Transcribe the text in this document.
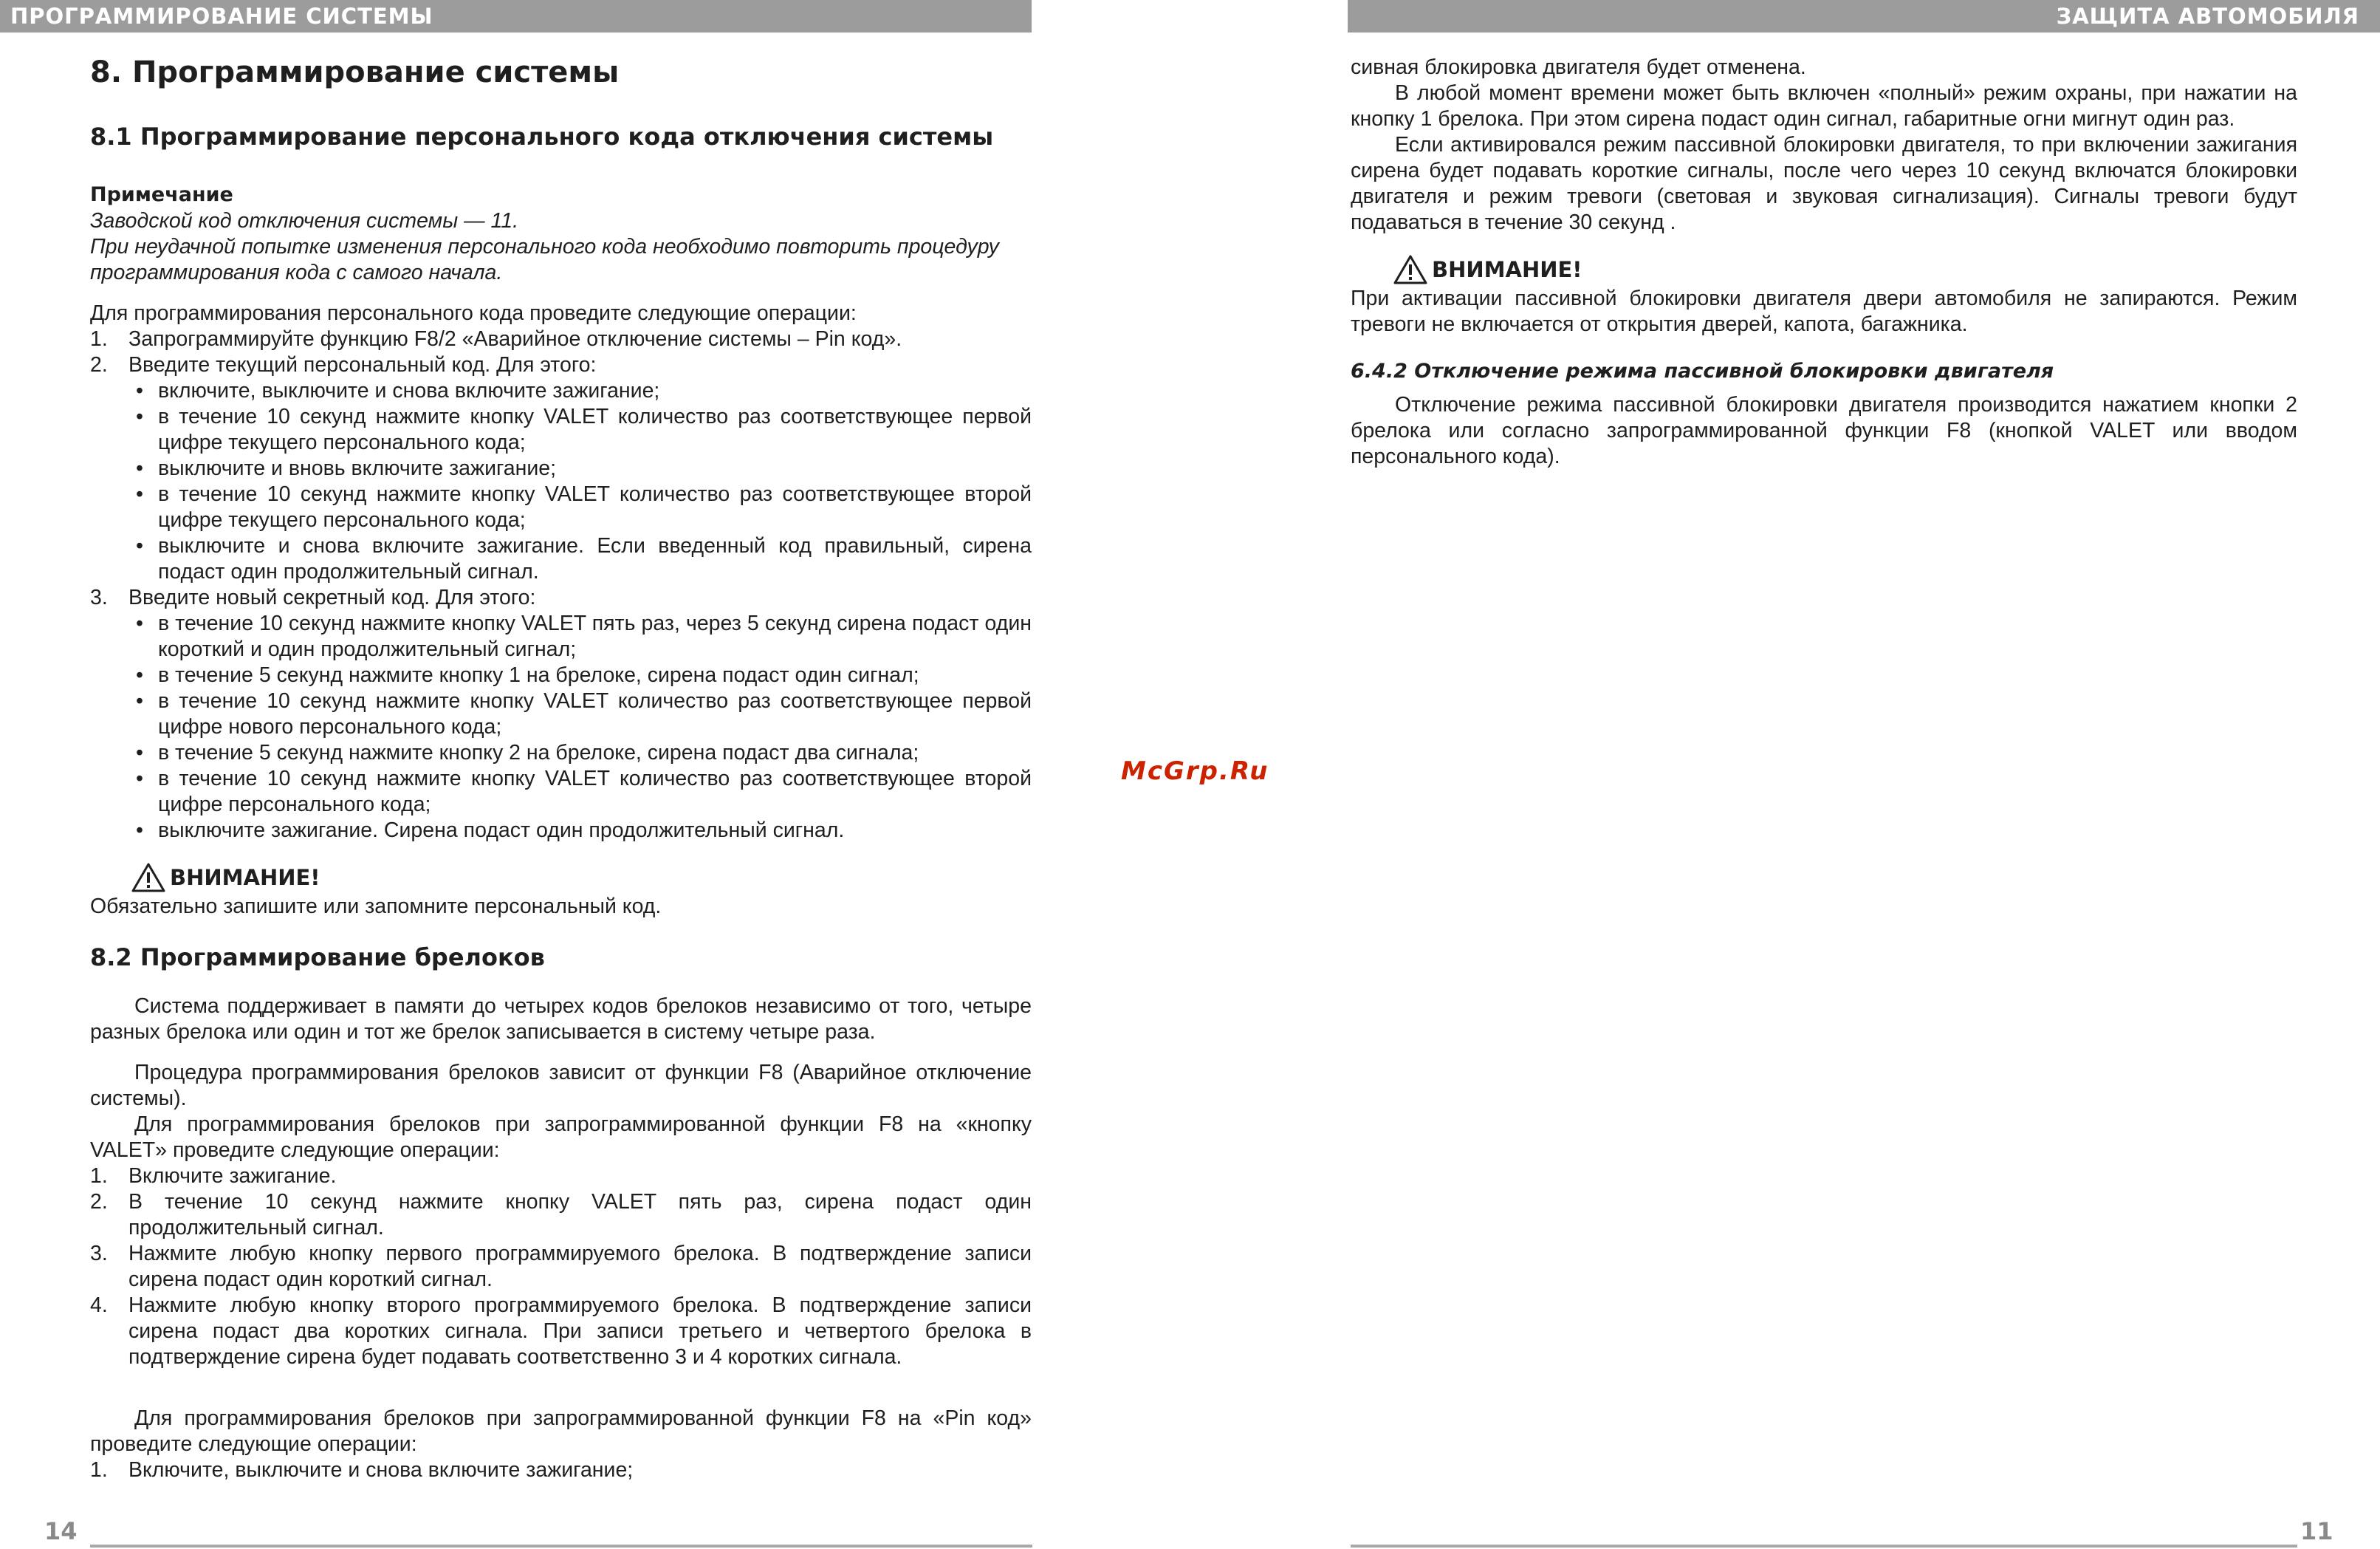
ПРОГРАММИРОВАНИЕ СИСТЕМЫ
8. Программирование системы
8.1 Программирование персонального кода отключения системы
Примечание

Заводской код отключения системы — 11.

При неудачной попытке изменения персонального кода необходимо повторить процедуру программирования кода с самого начала.

Для программирования персонального кода проведите следующие операции:

1. Запрограммируйте функцию F8/2 «Аварийное отключение системы – Pin код».
2. Введите текущий персональный код. Для этого:
• включите, выключите и снова включите зажигание;
• в течение 10 секунд нажмите кнопку VALET количество раз соответствующее первой цифре текущего персонального кода;
• выключите и вновь включите зажигание;
• в течение 10 секунд нажмите кнопку VALET количество раз соответствующее второй цифре текущего персонального кода;
• выключите и снова включите зажигание. Если введенный код правильный, сирена подаст один продолжительный сигнал.
3. Введите новый секретный код. Для этого:
• в течение 10 секунд нажмите кнопку VALET пять раз, через 5 секунд сирена подаст один короткий и один продолжительный сигнал;
• в течение 5 секунд нажмите кнопку 1 на брелоке, сирена подаст один сигнал;
• в течение 10 секунд нажмите кнопку VALET количество раз соответствующее первой цифре нового персонального кода;
• в течение 5 секунд нажмите кнопку 2 на брелоке, сирена подаст два сигнала;
• в течение 10 секунд нажмите кнопку VALET количество раз соответствующее второй цифре персонального кода;
• выключите зажигание. Сирена подаст один продолжительный сигнал.
ВНИМАНИЕ!

Обязательно запишите или запомните персональный код.

8.2 Программирование брелоков

Система поддерживает в памяти до четырех кодов брелоков независимо от того, четыре разных брелока или один и тот же брелок записывается в систему четыре раза.

Процедура программирования брелоков зависит от функции F8 (Аварийное отключение системы).

Для программирования брелоков при запрограммированной функции F8 на «кнопку VALET» проведите следующие операции:

1. Включите зажигание.
2. В течение 10 секунд нажмите кнопку VALET пять раз, сирена подаст один продолжительный сигнал.
3. Нажмите любую кнопку первого программируемого брелока. В подтверждение записи сирена подаст один короткий сигнал.
4. Нажмите любую кнопку второго программируемого брелока. В подтверждение записи сирена подаст два коротких сигнала. При записи третьего и четвертого брелока в подтверждение сирена будет подавать соответственно 3 и 4 коротких сигнала.

Для программирования брелоков при запрограммированной функции F8 на «Pin код» проведите следующие операции:

1. Включите, выключите и снова включите зажигание;
14
McGrp.Ru
ЗАЩИТА АВТОМОБИЛЯ

сивная блокировка двигателя будет отменена.

В любой момент времени может быть включен «полный» режим охраны, при нажатии на кнопку 1 брелока. При этом сирена подаст один сигнал, габаритные огни мигнут один раз.

Если активировался режим пассивной блокировки двигателя, то при включении зажигания сирена будет подавать короткие сигналы, после чего через 10 секунд включатся блокировки двигателя и режим тревоги (световая и звуковая сигнализация). Сигналы тревоги будут подаваться в течение 30 секунд .

ВНИМАНИЕ!

При активации пассивной блокировки двигателя двери автомобиля не запираются. Режим тревоги не включается от открытия дверей, капота, багажника.

6.4.2 Отключение режима пассивной блокировки двигателя

Отключение режима пассивной блокировки двигателя производится нажатием кнопки 2 брелока или согласно запрограммированной функции F8 (кнопкой VALET или вводом персонального кода).

11
